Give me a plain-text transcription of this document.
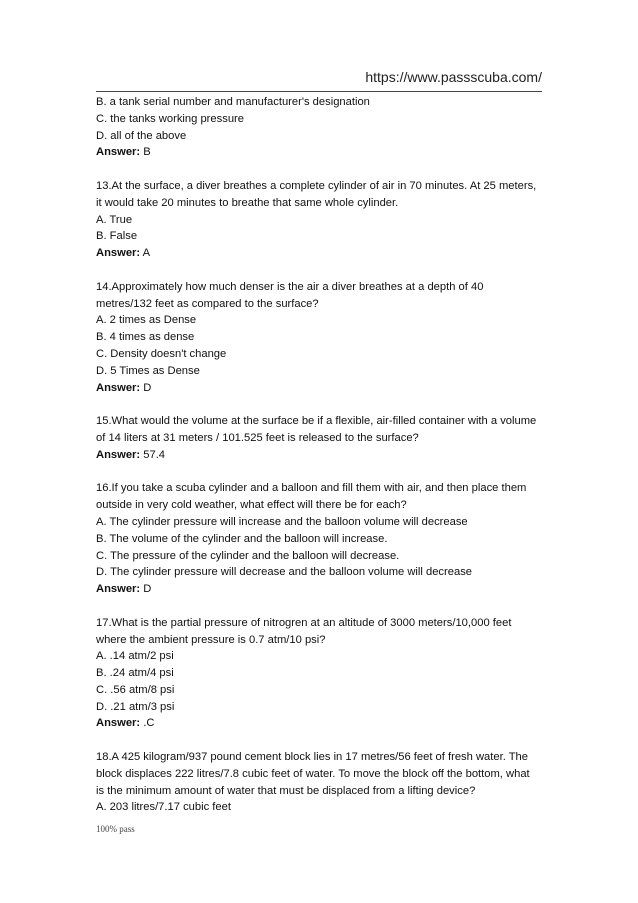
https://www.passscuba.com/

B. a tank serial number and manufacturer's designation

C. the tanks working pressure

D. all of the above

Answer: B

13.At the surface, a diver breathes a complete cylinder of air in 70 minutes. At 25 meters,

it would take 20 minutes to breathe that same whole cylinder.

A. True

B. False

Answer: A

14.Approximately how much denser is the air a diver breathes at a depth of 40

metres/132 feet as compared to the surface?

A. 2 times as Dense

B. 4 times as dense

C. Density doesn't change

D. 5 Times as Dense

Answer: D

15.What would the volume at the surface be if a flexible, air-filled container with a volume

of 14 liters at 31 meters / 101.525 feet is released to the surface?

Answer: 57.4

16.If you take a scuba cylinder and a balloon and fill them with air, and then place them

outside in very cold weather, what effect will there be for each?

A. The cylinder pressure will increase and the balloon volume will decrease

B. The volume of the cylinder and the balloon will increase.

C. The pressure of the cylinder and the balloon will decrease.

D. The cylinder pressure will decrease and the balloon volume will decrease

Answer: D

17.What is the partial pressure of nitrogren at an altitude of 3000 meters/10,000 feet

where the ambient pressure is 0.7 atm/10 psi?

A. .14 atm/2 psi

B. .24 atm/4 psi

C. .56 atm/8 psi

D. .21 atm/3 psi

Answer: .C

18.A 425 kilogram/937 pound cement block lies in 17 metres/56 feet of fresh water. The

block displaces 222 litres/7.8 cubic feet of water. To move the block off the bottom, what

is the minimum amount of water that must be displaced from a lifting device?

A. 203 litres/7.17 cubic feet

100% pass
